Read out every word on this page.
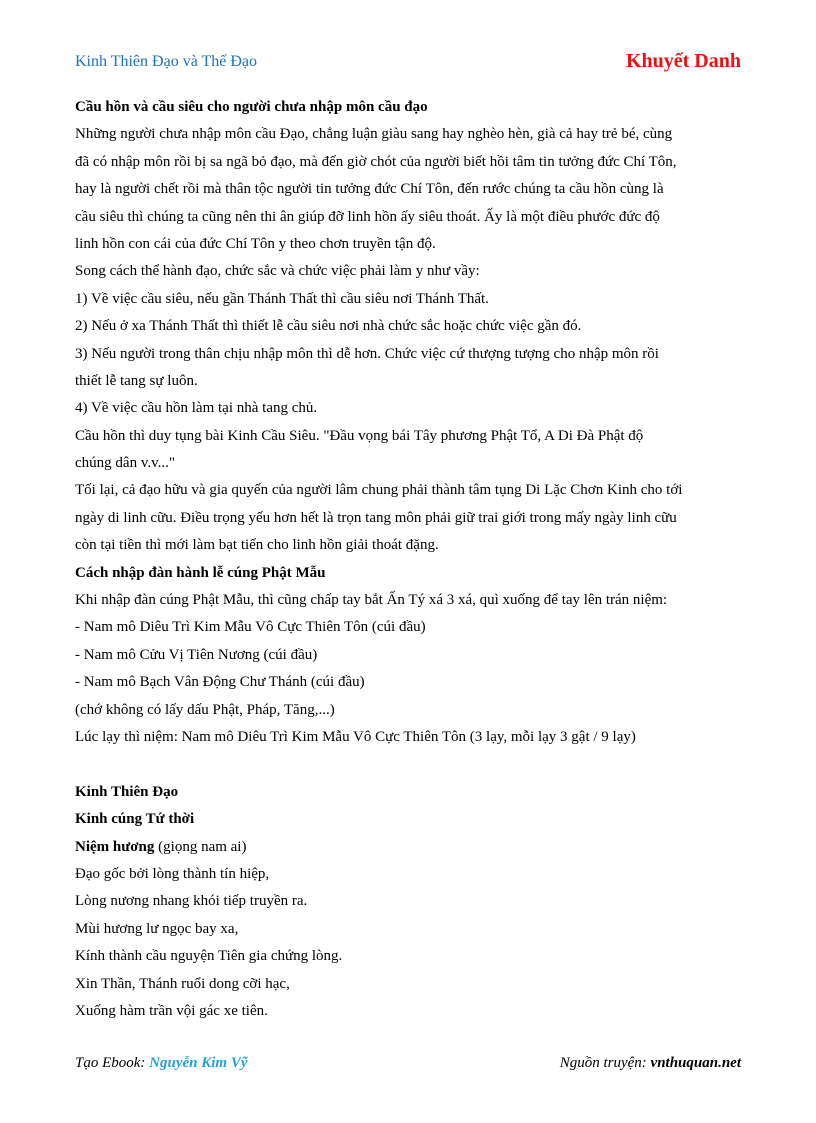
Kinh Thiên Đạo và Thế Đạo	Khuyết Danh
Cầu hồn và cầu siêu cho người chưa nhập môn cầu đạo
Những người chưa nhập môn cầu Đạo, chẳng luận giàu sang hay nghèo hèn, già cả hay trẻ bé, cùng
đã có nhập môn rồi bị sa ngã bỏ đạo, mà đến giờ chót của người biết hồi tâm tin tưởng đức Chí Tôn,
hay là người chết rồi mà thân tộc người tin tưởng đức Chí Tôn, đến rước chúng ta cầu hồn cùng là
cầu siêu thì chúng ta cũng nên thi ân giúp đỡ linh hồn ấy siêu thoát. Ấy là một điều phước đức độ
linh hồn con cái của đức Chí Tôn y theo chơn truyền tận độ.
Song cách thể hành đạo, chức sắc và chức việc phải làm y như vầy:
1) Về việc cầu siêu, nếu gần Thánh Thất thì cầu siêu nơi Thánh Thất.
2) Nếu ở xa Thánh Thất thì thiết lễ cầu siêu nơi nhà chức sắc hoặc chức việc gần đó.
3) Nếu người trong thân chịu nhập môn thì dễ hơn. Chức việc cứ thượng tượng cho nhập môn rồi
thiết lễ tang sự luôn.
4) Về việc cầu hồn làm tại nhà tang chủ.
Cầu hồn thì duy tụng bài Kinh Cầu Siêu. "Đầu vọng bái Tây phương Phật Tổ, A Di Đà Phật độ
chúng dân v.v..."
Tối lại, cả đạo hữu và gia quyến của người lâm chung phải thành tâm tụng Di Lặc Chơn Kinh cho tới
ngày di linh cữu. Điều trọng yếu hơn hết là trọn tang môn phải giữ trai giới trong mấy ngày linh cữu
còn tại tiền thì mới làm bạt tiến cho linh hồn giải thoát đặng.
Cách nhập đàn hành lễ cúng Phật Mẫu
Khi nhập đàn cúng Phật Mẫu, thì cũng chấp tay bắt Ấn Tý xá 3 xá, quì xuống để tay lên trán niệm:
- Nam mô Diêu Trì Kim Mẫu Vô Cực Thiên Tôn (cúi đầu)
- Nam mô Cửu Vị Tiên Nương (cúi đầu)
- Nam mô Bạch Vân Động Chư Thánh (cúi đầu)
(chớ không có lấy dấu Phật, Pháp, Tăng,...)
Lúc lạy thì niệm: Nam mô Diêu Trì Kim Mẫu Vô Cực Thiên Tôn (3 lạy, mỗi lạy 3 gật / 9 lạy)
Kinh Thiên Đạo
Kinh cúng Tứ thời
Niệm hương (giọng nam ai)
Đạo gốc bởi lòng thành tín hiệp,
Lòng nương nhang khói tiếp truyền ra.
Mùi hương lư ngọc bay xa,
Kính thành cầu nguyện Tiên gia chứng lòng.
Xin Thần, Thánh ruổi dong cỡi hạc,
Xuống hàm trần vội gác xe tiên.
Tạo Ebook: Nguyễn Kim Vỹ	Nguồn truyện: vnthuquan.net
